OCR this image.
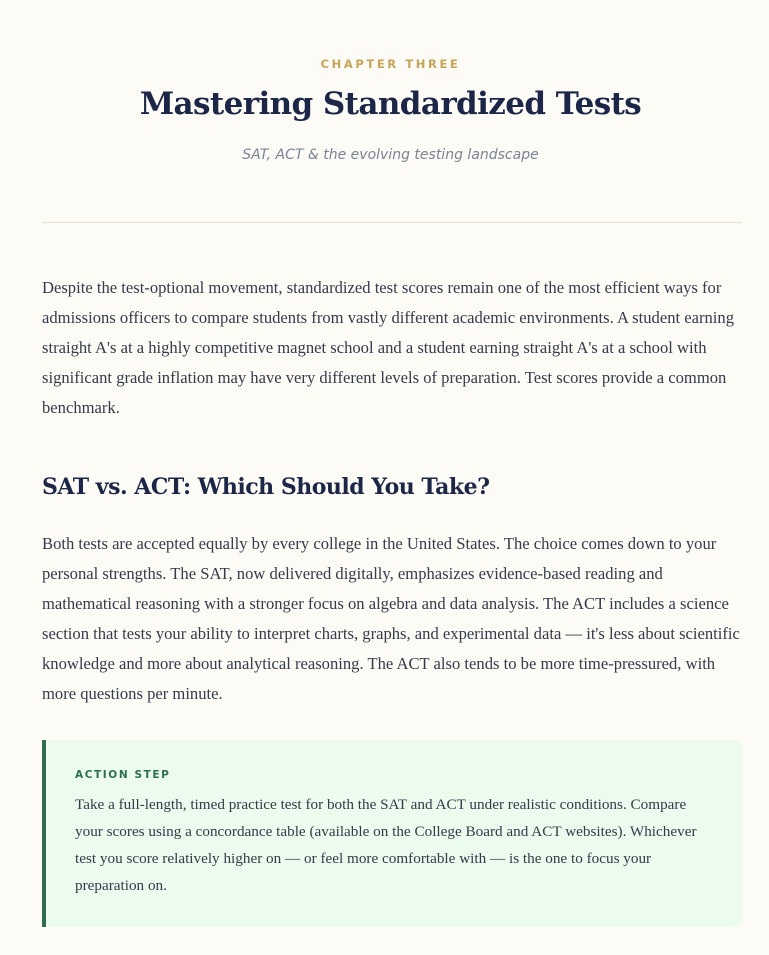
CHAPTER THREE
Mastering Standardized Tests
SAT, ACT & the evolving testing landscape

Despite the test-optional movement, standardized test scores remain one of the most efficient ways for admissions officers to compare students from vastly different academic environments. A student earning straight A's at a highly competitive magnet school and a student earning straight A's at a school with significant grade inflation may have very different levels of preparation. Test scores provide a common benchmark.

SAT vs. ACT: Which Should You Take?

Both tests are accepted equally by every college in the United States. The choice comes down to your personal strengths. The SAT, now delivered digitally, emphasizes evidence-based reading and mathematical reasoning with a stronger focus on algebra and data analysis. The ACT includes a science section that tests your ability to interpret charts, graphs, and experimental data — it's less about scientific knowledge and more about analytical reasoning. The ACT also tends to be more time-pressured, with more questions per minute.

ACTION STEP

Take a full-length, timed practice test for both the SAT and ACT under realistic conditions. Compare your scores using a concordance table (available on the College Board and ACT websites). Whichever test you score relatively higher on — or feel more comfortable with — is the one to focus your preparation on.
